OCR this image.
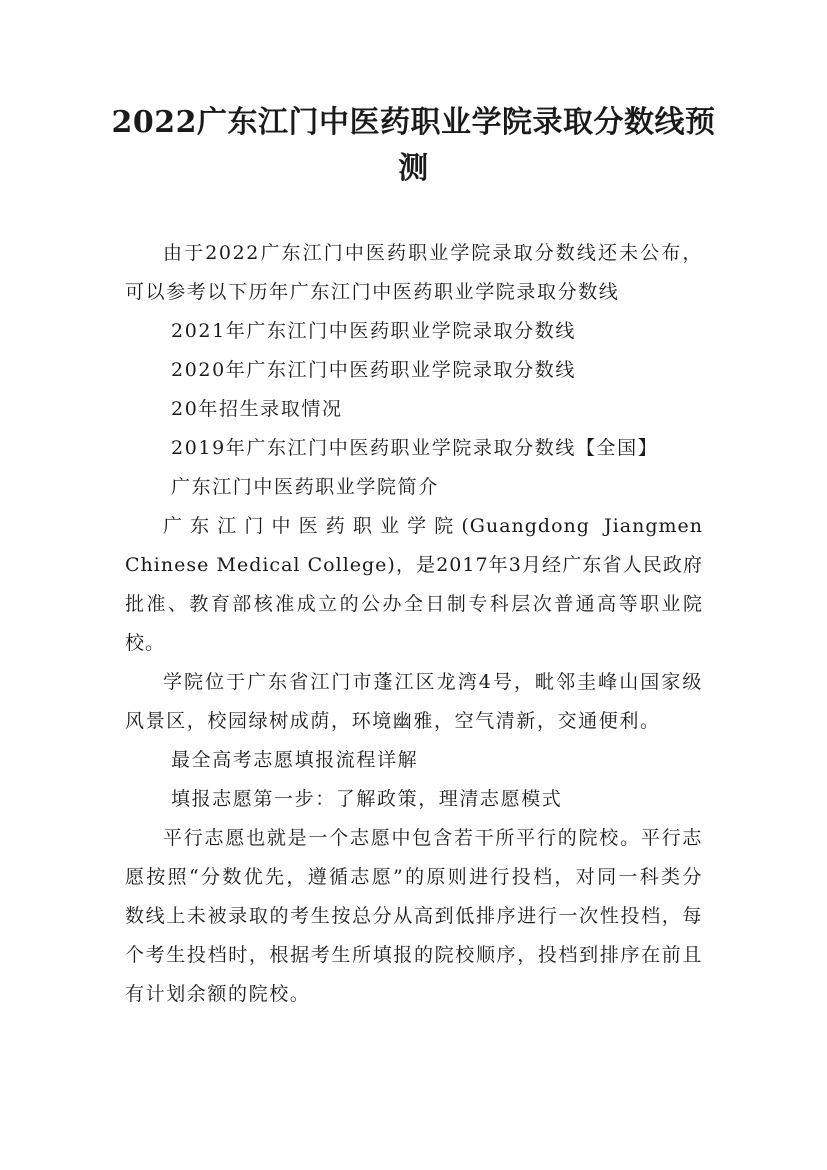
2022广东江门中医药职业学院录取分数线预测

由于2022广东江门中医药职业学院录取分数线还未公布，可以参考以下历年广东江门中医药职业学院录取分数线

2021年广东江门中医药职业学院录取分数线

2020年广东江门中医药职业学院录取分数线

20年招生录取情况

2019年广东江门中医药职业学院录取分数线【全国】

广东江门中医药职业学院简介

广东江门中医药职业学院(Guangdong Jiangmen Chinese Medical College)，是2017年3月经广东省人民政府批准、教育部核准成立的公办全日制专科层次普通高等职业院校。

学院位于广东省江门市蓬江区龙湾4号，毗邻圭峰山国家级风景区，校园绿树成荫，环境幽雅，空气清新，交通便利。

最全高考志愿填报流程详解

填报志愿第一步：了解政策，理清志愿模式

平行志愿也就是一个志愿中包含若干所平行的院校。平行志愿按照“分数优先，遵循志愿”的原则进行投档，对同一科类分数线上未被录取的考生按总分从高到低排序进行一次性投档，每个考生投档时，根据考生所填报的院校顺序，投档到排序在前且有计划余额的院校。
